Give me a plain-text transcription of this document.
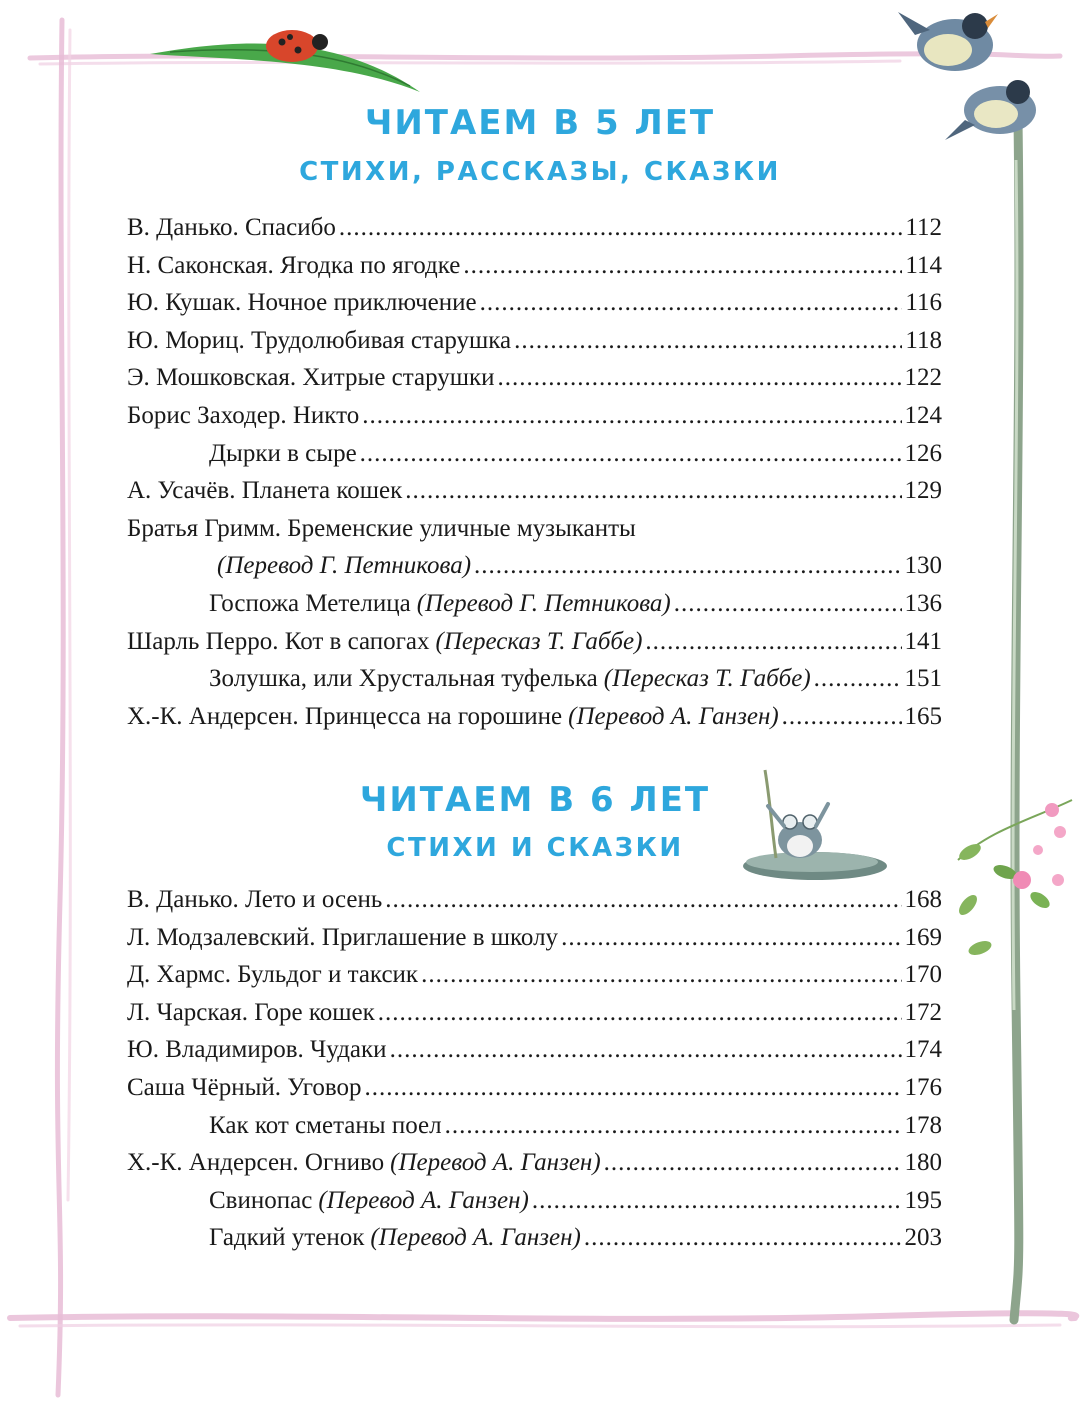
ЧИТАЕМ В 5 ЛЕТ
СТИХИ, РАССКАЗЫ, СКАЗКИ
В. Данько. Спасибо .....	112
Н. Саконская. Ягодка по ягодке .....	114
Ю. Кушак. Ночное приключение .....	116
Ю. Мориц. Трудолюбивая старушка .....	118
Э. Мошковская. Хитрые старушки .....	122
Борис Заходер. Никто .....	124
Дырки в сыре .....	126
А. Усачёв. Планета кошек .....	129
Братья Гримм. Бременские уличные музыканты
(Перевод Г. Петникова) .....	130
Госпожа Метелица (Перевод Г. Петникова) .....	136
Шарль Перро. Кот в сапогах (Пересказ Т. Габбе) .....	141
Золушка, или Хрустальная туфелька (Пересказ Т. Габбе) .....	151
Х.-К. Андерсен. Принцесса на горошине (Перевод А. Ганзен) .....	165
ЧИТАЕМ В 6 ЛЕТ
СТИХИ И СКАЗКИ
В. Данько. Лето и осень .....	168
Л. Модзалевский. Приглашение в школу .....	169
Д. Хармс. Бульдог и таксик .....	170
Л. Чарская. Горе кошек .....	172
Ю. Владимиров. Чудаки .....	174
Саша Чёрный. Уговор .....	176
Как кот сметаны поел .....	178
Х.-К. Андерсен. Огниво (Перевод А. Ганзен) .....	180
Свинопас (Перевод А. Ганзен) .....	195
Гадкий утенок (Перевод А. Ганзен) .....	203
